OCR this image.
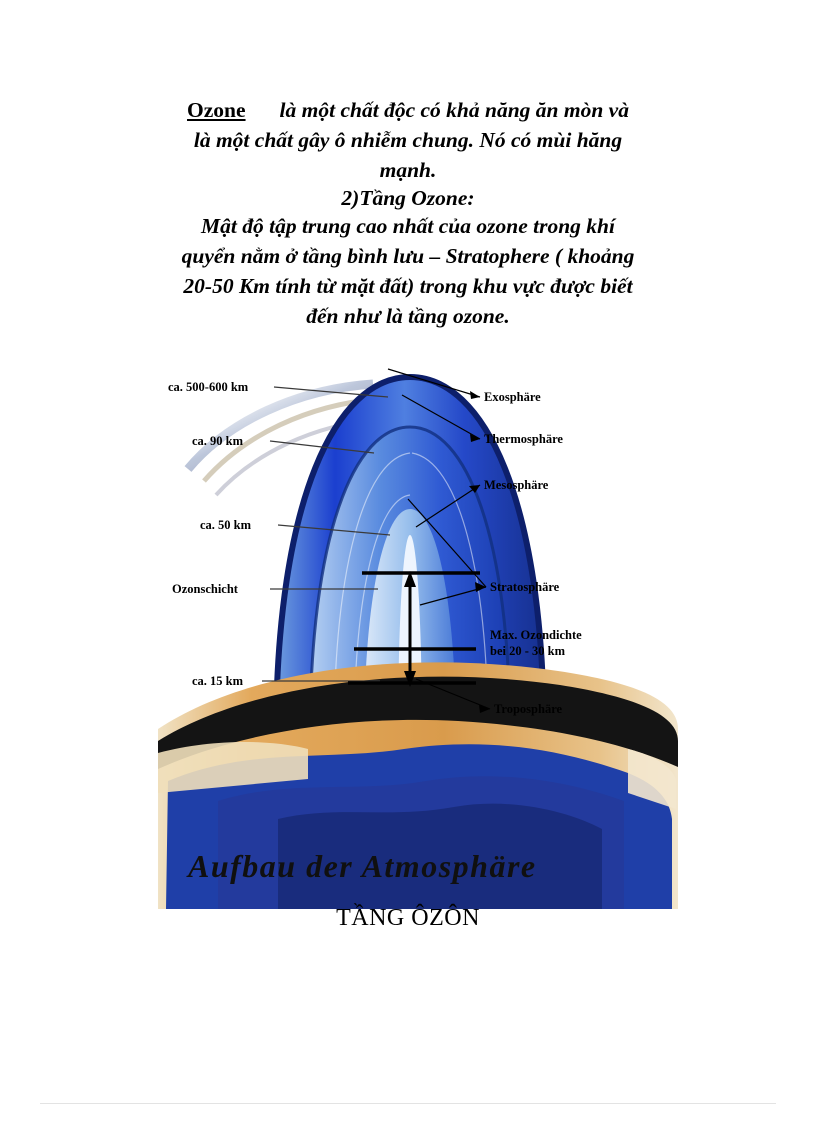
Ozone là một chất độc có khả năng ăn mòn và
là một chất gây ô nhiễm chung. Nó có mùi hăng
mạnh.
2)Tầng Ozone:
Mật độ tập trung cao nhất của ozone trong khí
quyển nằm ở tầng bình lưu – Stratophere ( khoảng
20-50 Km tính từ mặt đất) trong khu vực được biết
đến như là tầng ozone.
ca. 500-600 km
ca. 90 km
ca. 50 km
Ozonschicht
ca. 15 km
Exosphäre
Thermosphäre
Mesosphäre
Stratosphäre
Max. Ozondichte
bei 20 - 30 km
Troposphäre
Aufbau der Atmosphäre
TẦNG ÔZÔN
